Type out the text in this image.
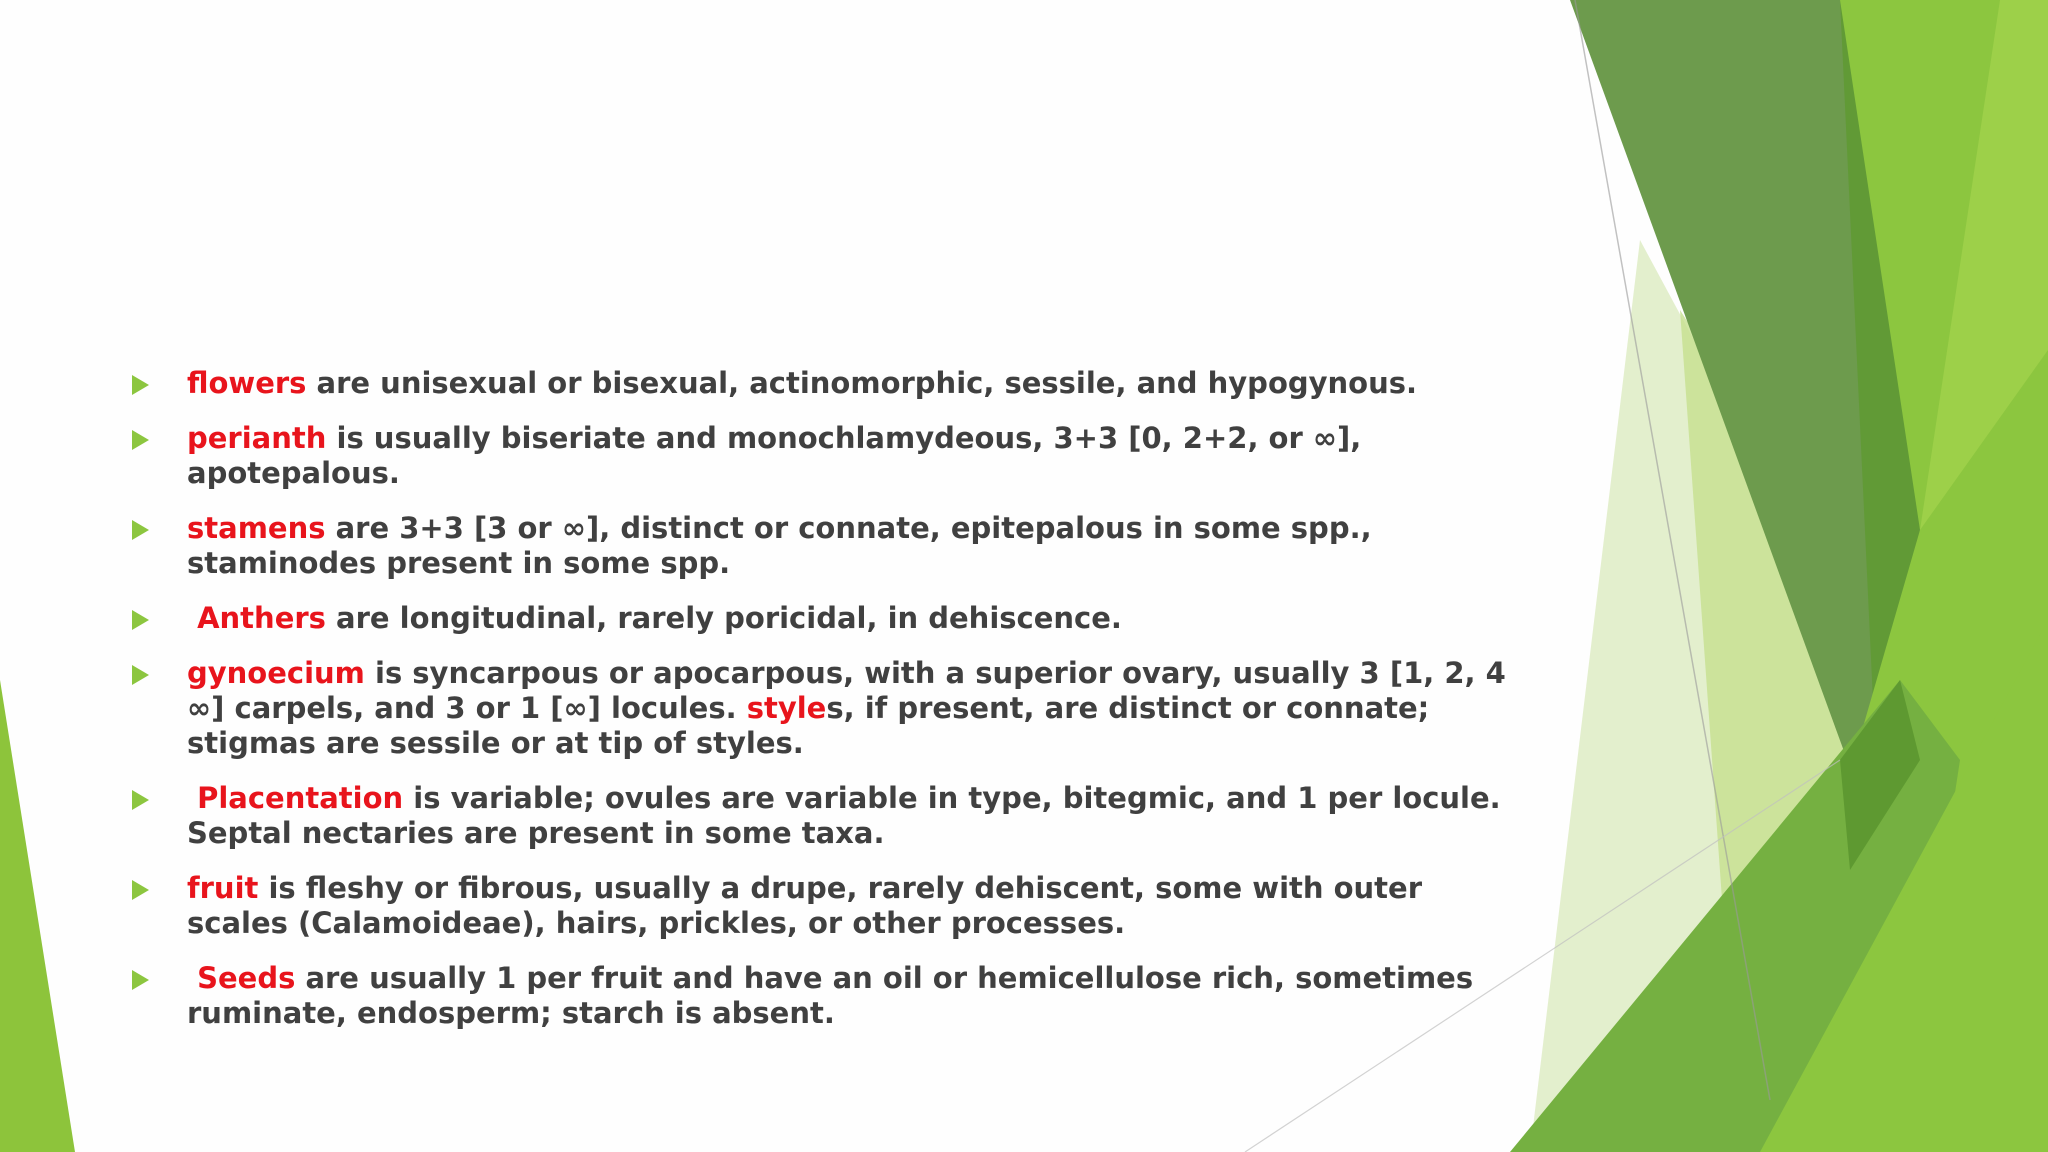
flowers are unisexual or bisexual, actinomorphic, sessile, and hypogynous.
perianth is usually biseriate and monochlamydeous, 3+3 [0, 2+2, or ∞], apotepalous.
stamens are 3+3 [3 or ∞], distinct or connate, epitepalous in some spp., staminodes present in some spp.
Anthers are longitudinal, rarely poricidal, in dehiscence.
gynoecium is syncarpous or apocarpous, with a superior ovary, usually 3 [1, 2, 4 ∞] carpels, and 3 or 1 [∞] locules. styles, if present, are distinct or connate; stigmas are sessile or at tip of styles.
Placentation is variable; ovules are variable in type, bitegmic, and 1 per locule. Septal nectaries are present in some taxa.
fruit is fleshy or fibrous, usually a drupe, rarely dehiscent, some with outer scales (Calamoideae), hairs, prickles, or other processes.
Seeds are usually 1 per fruit and have an oil or hemicellulose rich, sometimes ruminate, endosperm; starch is absent.
